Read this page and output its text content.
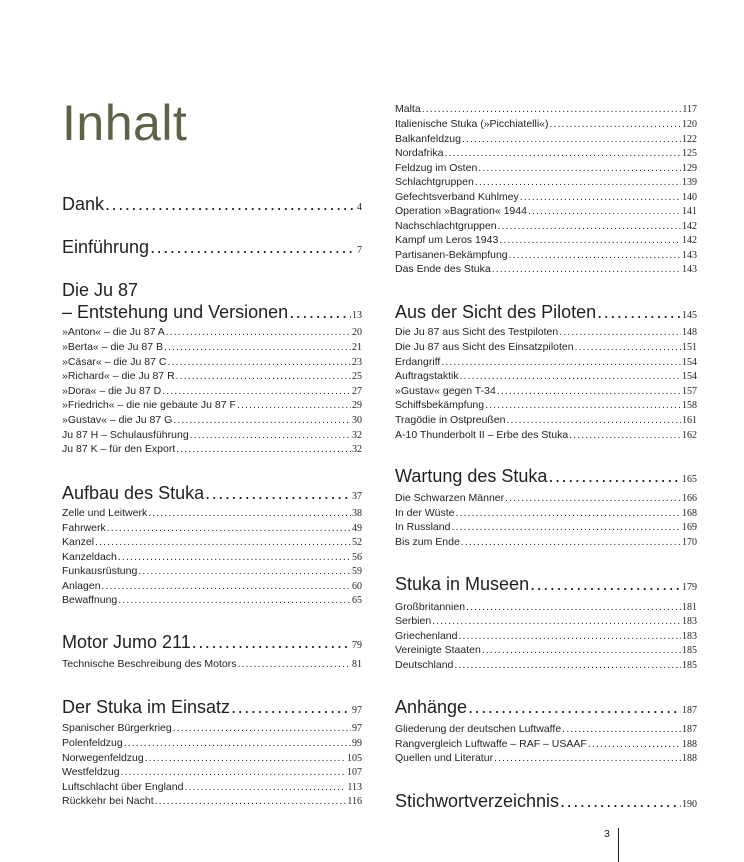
Inhalt
Dank .....	4
Einführung .....	7
Die Ju 87
– Entstehung und Versionen .....	13
»Anton« – die Ju 87 A .....	20
»Berta« – die Ju 87 B .....	21
»Cäsar« – die Ju 87 C .....	23
»Richard« – die Ju 87 R .....	25
»Dora« – die Ju 87 D .....	27
»Friedrich« – die nie gebaute Ju 87 F .....	29
»Gustav« – die Ju 87 G .....	30
Ju 87 H – Schulausführung .....	32
Ju 87 K – für den Export .....	32
Aufbau des Stuka .....	37
Zelle und Leitwerk .....	38
Fahrwerk .....	49
Kanzel .....	52
Kanzeldach .....	56
Funkausrüstung .....	59
Anlagen .....	60
Bewaffnung .....	65
Motor Jumo 211 .....	79
Technische Beschreibung des Motors .....	81
Der Stuka im Einsatz .....	97
Spanischer Bürgerkrieg .....	97
Polenfeldzug .....	99
Norwegenfeldzug .....	105
Westfeldzug .....	107
Luftschlacht über England .....	113
Rückkehr bei Nacht .....	116
Malta .....	117
Italienische Stuka (»Picchiatelli«) .....	120
Balkanfeldzug .....	122
Nordafrika .....	125
Feldzug im Osten .....	129
Schlachtgruppen .....	139
Gefechtsverband Kuhlmey .....	140
Operation »Bagration« 1944 .....	141
Nachschlachtgruppen .....	142
Kampf um Leros 1943 .....	142
Partisanen-Bekämpfung .....	143
Das Ende des Stuka .....	143
Aus der Sicht des Piloten .....	145
Die Ju 87 aus Sicht des Testpiloten .....	148
Die Ju 87 aus Sicht des Einsatzpiloten .....	151
Erdangriff .....	154
Auftragstaktik .....	154
»Gustav« gegen T-34 .....	157
Schiffsbekämpfung .....	158
Tragödie in Ostpreußen .....	161
A-10 Thunderbolt II – Erbe des Stuka .....	162
Wartung des Stuka .....	165
Die Schwarzen Männer .....	166
In der Wüste .....	168
In Russland .....	169
Bis zum Ende .....	170
Stuka in Museen .....	179
Großbritannien .....	181
Serbien .....	183
Griechenland .....	183
Vereinigte Staaten .....	185
Deutschland .....	185
Anhänge .....	187
Gliederung der deutschen Luftwaffe .....	187
Rangvergleich Luftwaffe – RAF – USAAF .....	188
Quellen und Literatur .....	188
Stichwortverzeichnis .....	190
3
